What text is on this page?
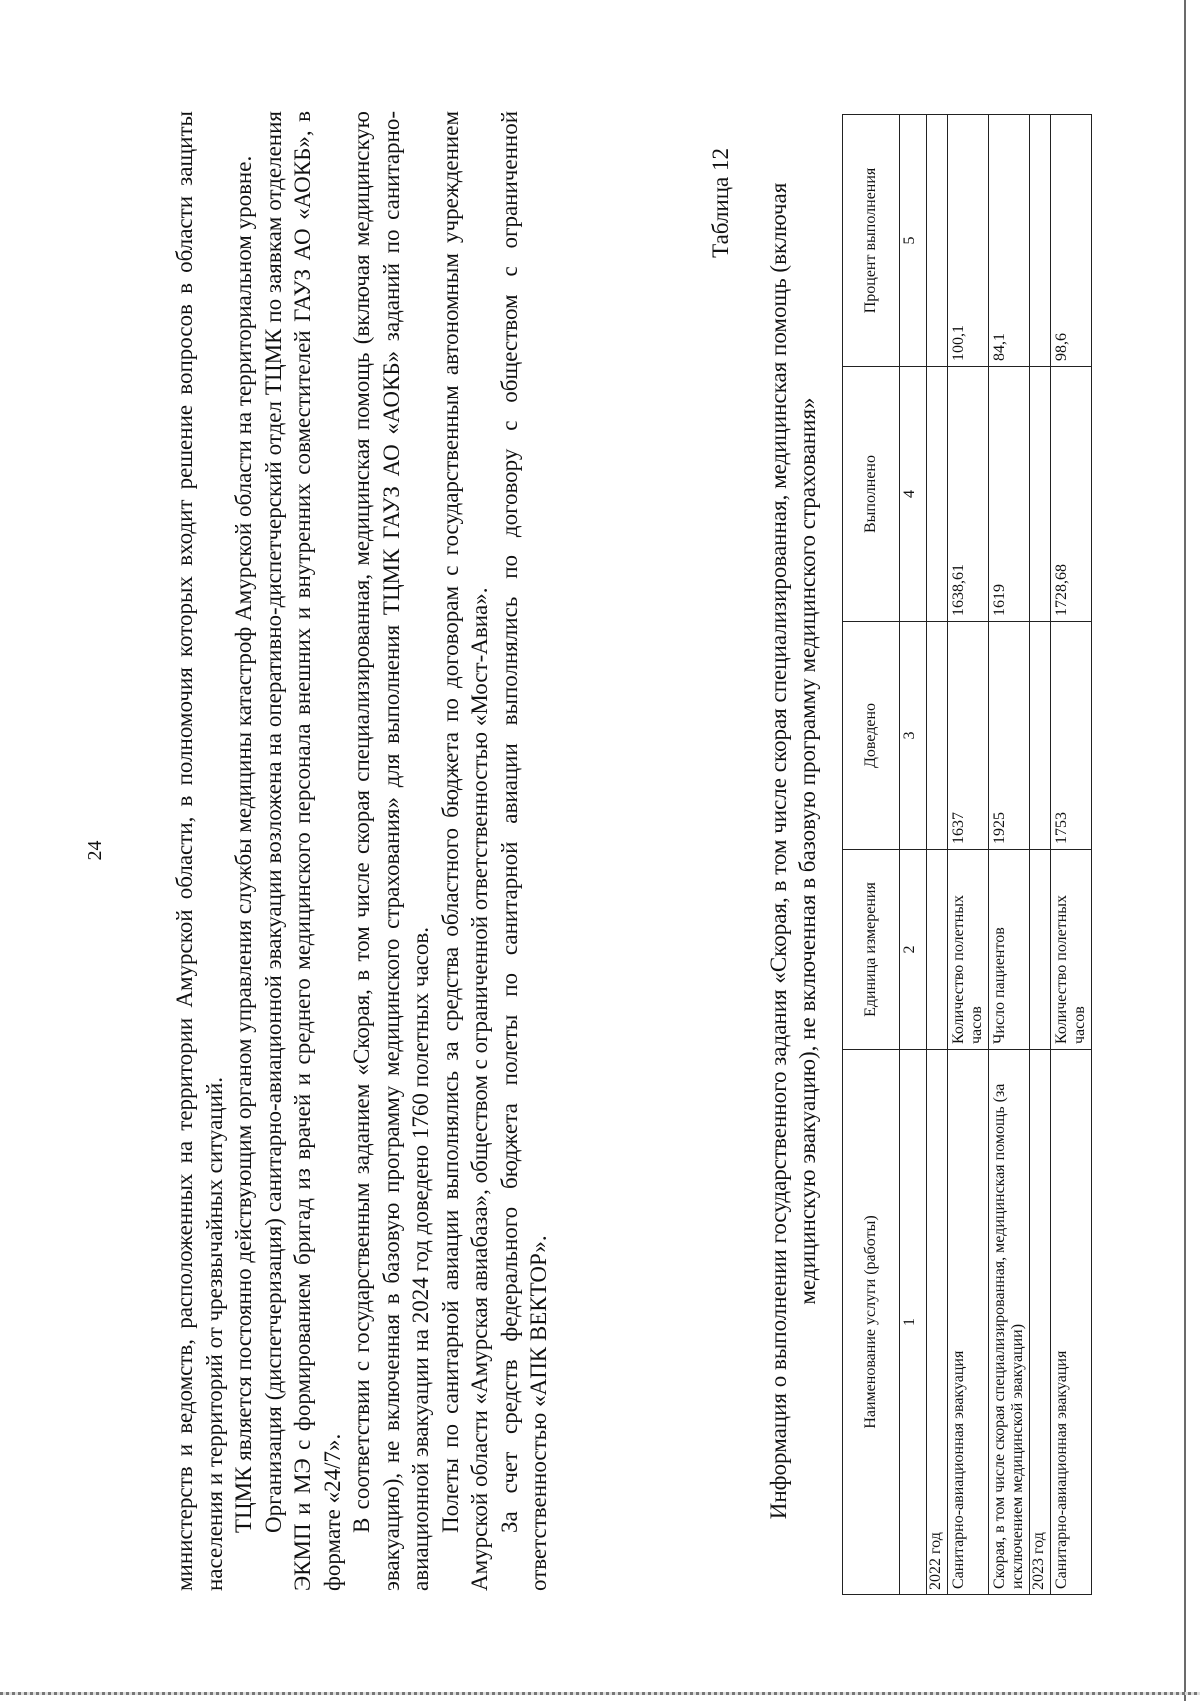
24	министерств и ведомств, расположенных на территории Амурской области, в полномочия которых входит решение вопросов в области защиты населения и территорий от чрезвычайных ситуаций. ТЦМК является постоянно действующим органом управления службы медицины катастроф Амурской области на территориальном уровне. Организация (диспетчеризация) санитарно-авиационной эвакуации возложена на оперативно-диспетчерский отдел ТЦМК по заявкам отделения ЭКМП и МЭ с формированием бригад из врачей и среднего медицинского персонала внешних и внутренних совместителей ГАУЗ АО «АОКБ», в формате «24/7». В соответствии с государственным заданием «Скорая, в том числе скорая специализированная, медицинская помощь (включая медицинскую эвакуацию), не включенная в базовую программу медицинского страхования» для выполнения ТЦМК ГАУЗ АО «АОКБ» заданий по санитарно-авиационной эвакуации на 2024 год доведено 1760 полетных часов. Полеты по санитарной авиации выполнялись за средства областного бюджета по договорам с государственным автономным учреждением Амурской области «Амурская авиабаза», обществом с ограниченной ответственностью «Мост-Авиа». За счет средств федерального бюджета полеты по санитарной авиации выполнялись по договору с обществом с ограниченной ответственностью «АПК ВЕКТОР».

Таблица 12 Информация о выполнении государственного задания «Скорая, в том числе скорая специализированная, медицинская помощь (включая медицинскую эвакуацию), не включенная в базовую программу медицинского страхования»
Наименование услуги (работы)	Единица измерения	Доведено	Выполнено	Процент выполнения
1	2	3	4	5
2022 год				
Санитарно-авиационная эвакуация	Количество полетных часов	1637	1638,61	100,1
Скорая, в том числе скорая специализированная, медицинская помощь (за исключением медицинской эвакуации)	Число пациентов	1925	1619	84,1
2023 год				
Санитарно-авиационная эвакуация	Количество полетных часов	1753	1728,68	98,6
